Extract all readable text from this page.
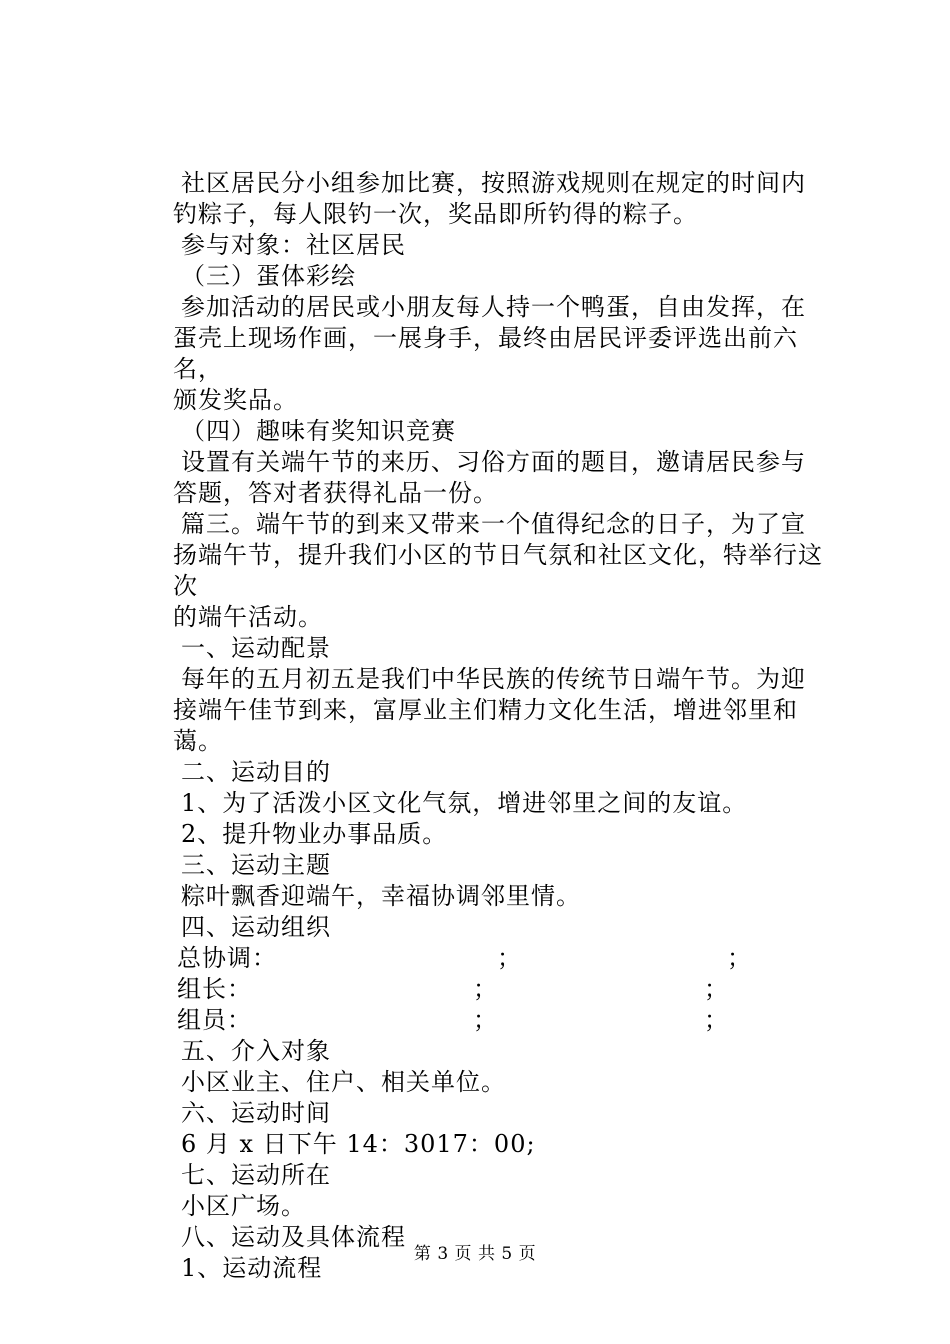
社区居民分小组参加比赛，按照游戏规则在规定的时间内
钓粽子，每人限钓一次，奖品即所钓得的粽子。
参与对象：社区居民
（三）蛋体彩绘
参加活动的居民或小朋友每人持一个鸭蛋，自由发挥，在
蛋壳上现场作画，一展身手，最终由居民评委评选出前六名，
颁发奖品。
（四）趣味有奖知识竞赛
设置有关端午节的来历、习俗方面的题目，邀请居民参与
答题，答对者获得礼品一份。
篇三。端午节的到来又带来一个值得纪念的日子，为了宣
扬端午节，提升我们小区的节日气氛和社区文化，特举行这次
的端午活动。
一、运动配景
每年的五月初五是我们中华民族的传统节日端午节。为迎
接端午佳节到来，富厚业主们精力文化生活，增进邻里和蔼。
二、运动目的
1、为了活泼小区文化气氛，增进邻里之间的友谊。
2、提升物业办事品质。
三、运动主题
粽叶飘香迎端午，幸福协调邻里情。
四、运动组织
总协调：	；	；
组长：	；	；
组员：	；	；
五、介入对象
小区业主、住户、相关单位。
六、运动时间
6 月 x 日下午 14：3017：00;
七、运动所在
小区广场。
八、运动及具体流程
1、运动流程	第 3 页 共 5 页
